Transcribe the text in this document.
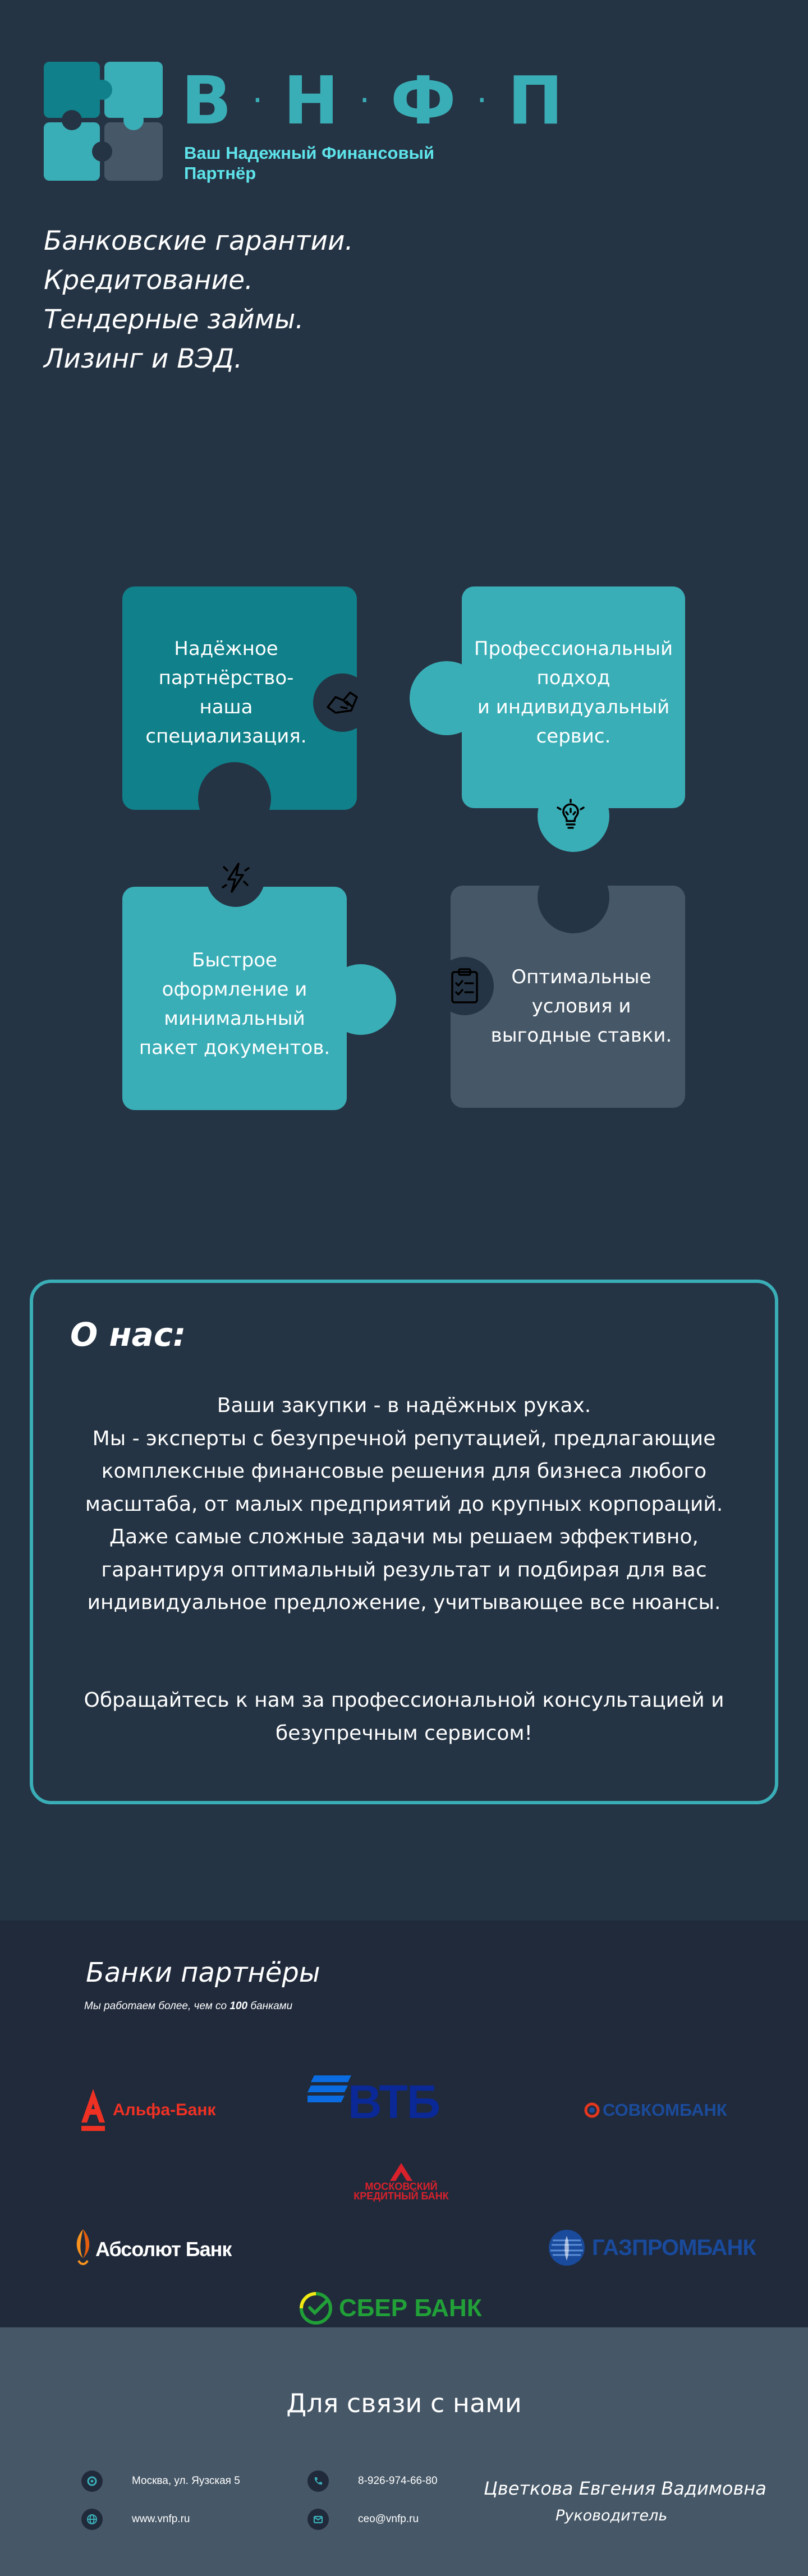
В · Н · Ф · П
Ваш Надежный Финансовый Партнёр
Банковские гарантии.
Кредитование.
Тендерные займы.
Лизинг и ВЭД.
Надёжное
партнёрство-
наша
специализация.
Профессиональный
подход
и индивидуальный
сервис.
Быстрое
оформление и
минимальный
пакет документов.
Оптимальные
условия и
выгодные ставки.
О нас:
Ваши закупки - в надёжных руках.
Мы - эксперты с безупречной репутацией, предлагающие
комплексные финансовые решения для бизнеса любого
масштаба, от малых предприятий до крупных корпораций.
Даже самые сложные задачи мы решаем эффективно,
гарантируя оптимальный результат и подбирая для вас
индивидуальное предложение, учитывающее все нюансы.
Обращайтесь к нам за профессиональной консультацией и
безупречным сервисом!
Банки партнёры
Мы работаем более, чем со 100 банками
ВТБ
Альфа-Банк	СОВКОМБАНК
МОСКОВСКИЙ КРЕДИТНЫЙ БАНК
Абсолют Банк	ГАЗПРОМБАНК
СБЕР БАНК
Для связи с нами
Москва, ул. Яузская 5
www.vnfp.ru
8-926-974-66-80
ceo@vnfp.ru
Цветкова Евгения Вадимовна
Руководитель
